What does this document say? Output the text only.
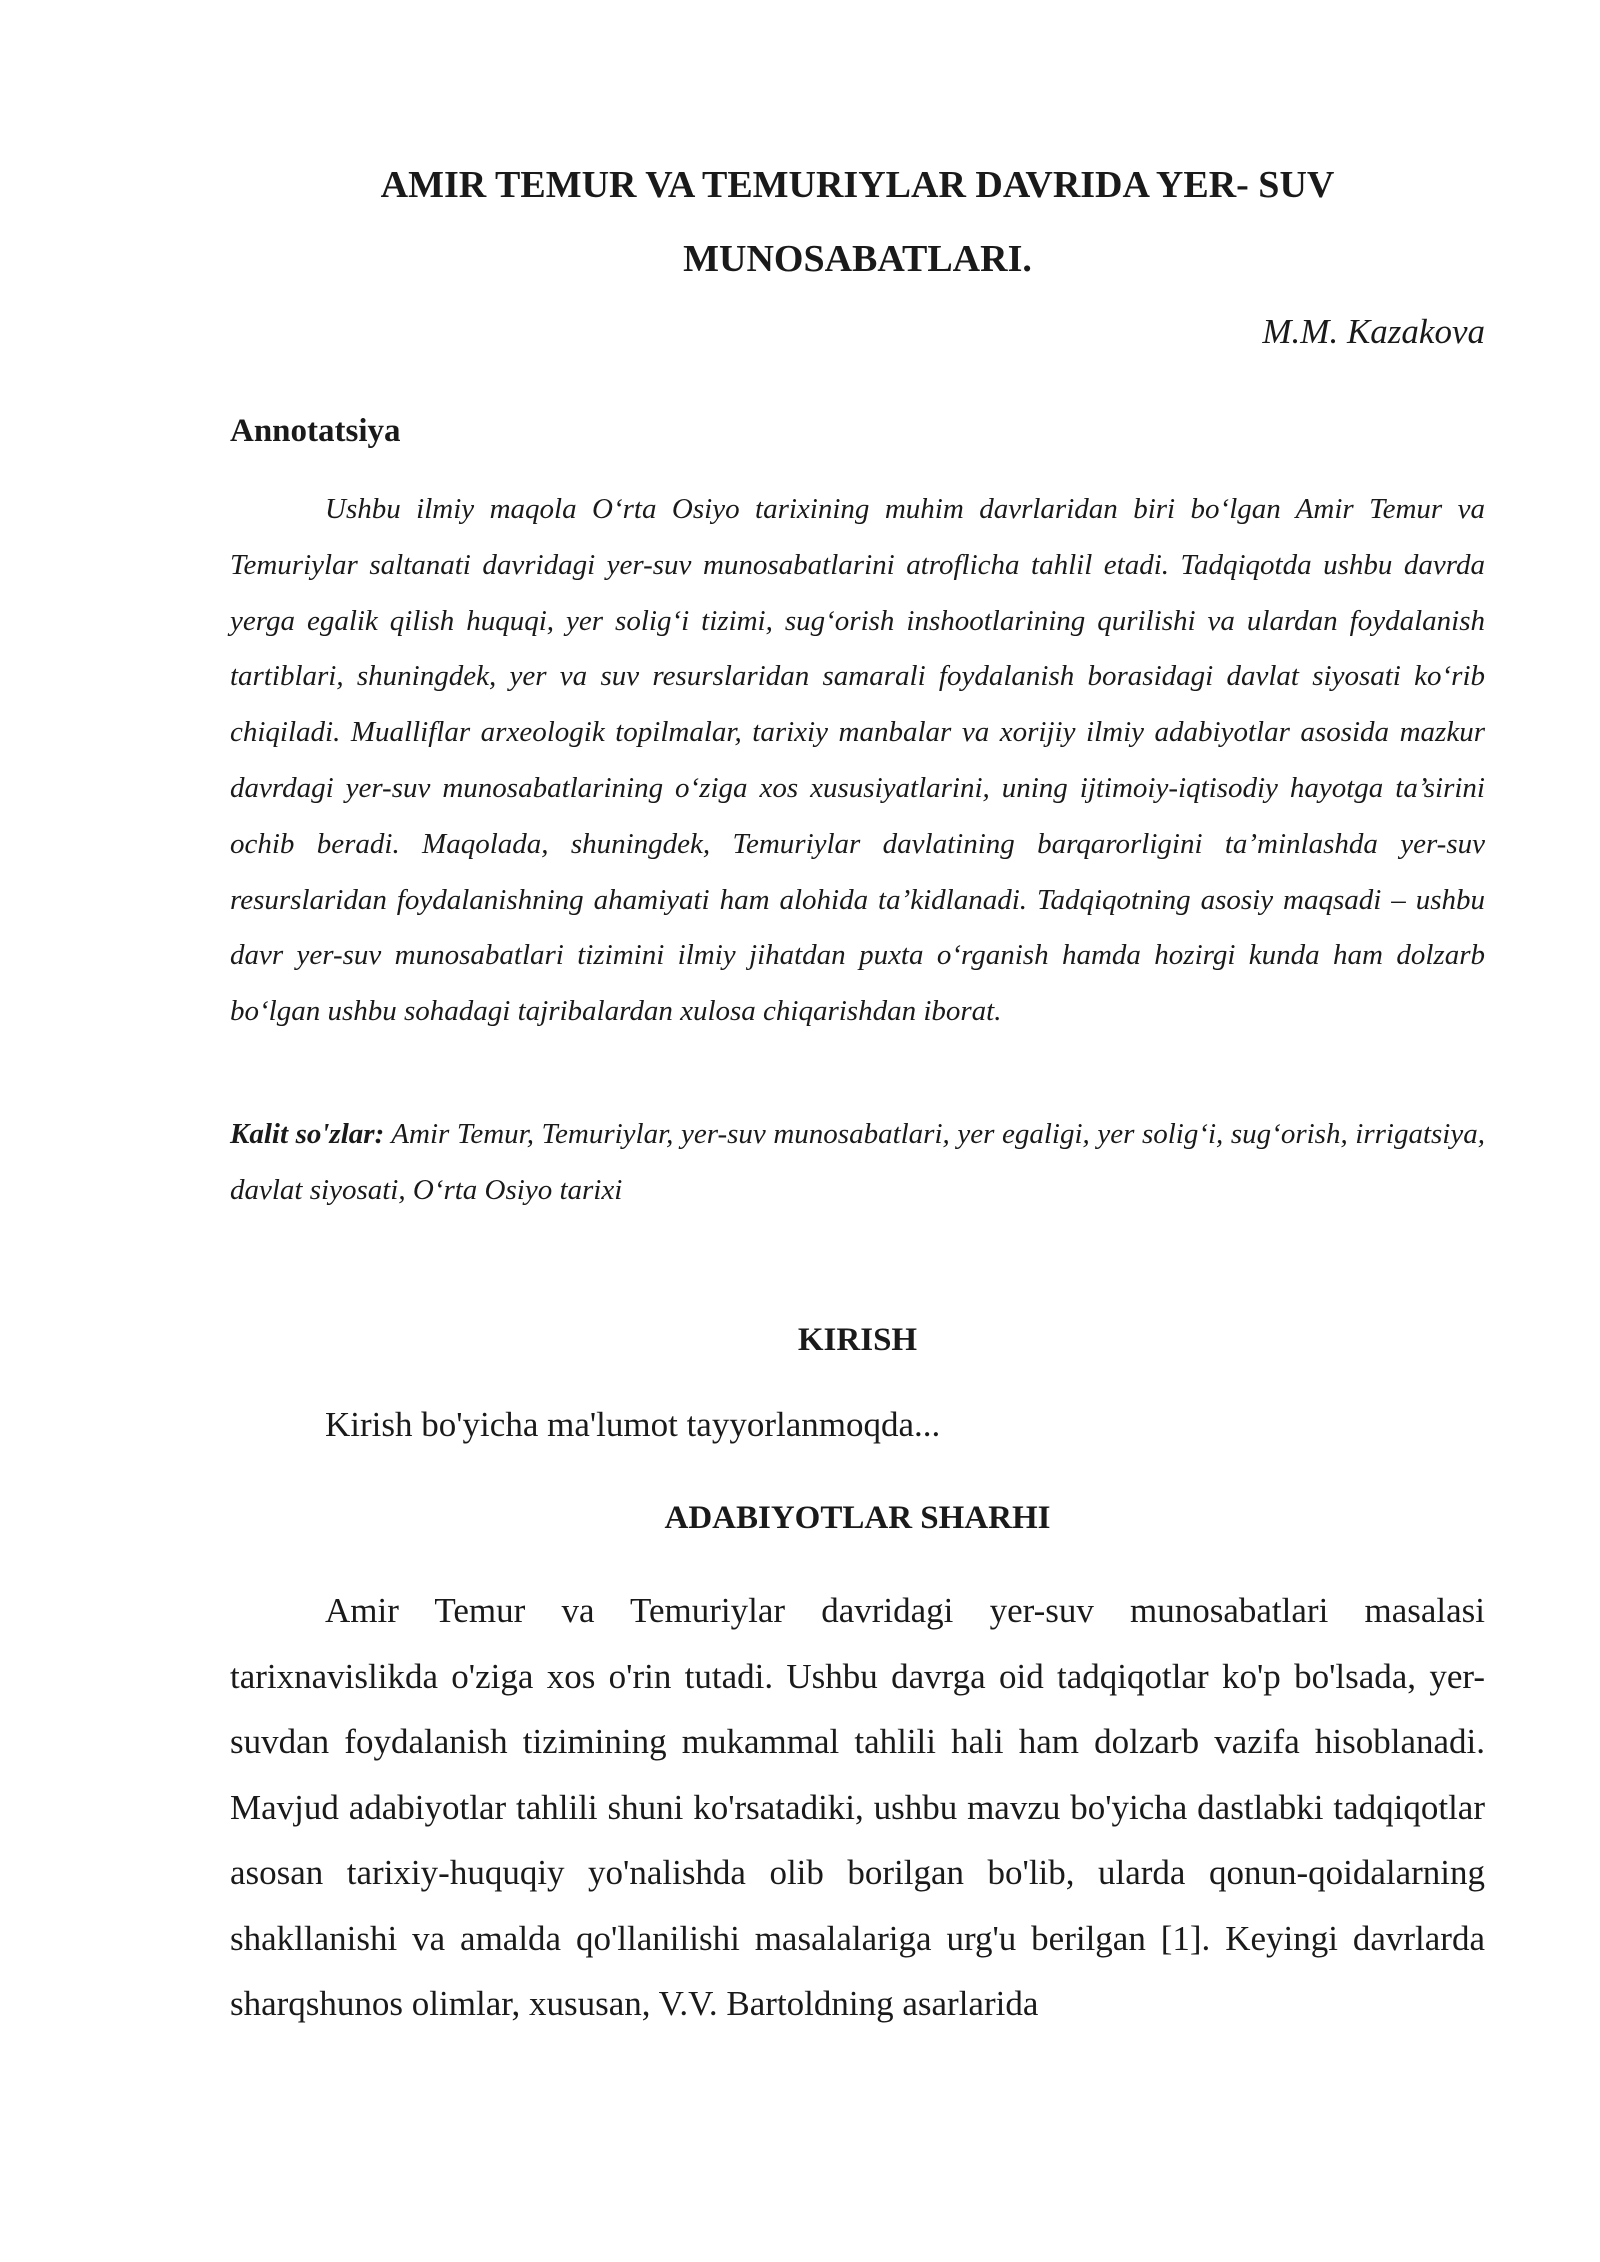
AMIR TEMUR VA TEMURIYLAR DAVRIDA YER- SUV MUNOSABATLARI.

M.M. Kazakova

Annotatsiya

Ushbu ilmiy maqola O‘rta Osiyo tarixining muhim davrlaridan biri bo‘lgan Amir Temur va Temuriylar saltanati davridagi yer-suv munosabatlarini atroflicha tahlil etadi. Tadqiqotda ushbu davrda yerga egalik qilish huquqi, yer solig‘i tizimi, sug‘orish inshootlarining qurilishi va ulardan foydalanish tartiblari, shuningdek, yer va suv resurslaridan samarali foydalanish borasidagi davlat siyosati ko‘rib chiqiladi. Mualliflar arxeologik topilmalar, tarixiy manbalar va xorijiy ilmiy adabiyotlar asosida mazkur davrdagi yer-suv munosabatlarining o‘ziga xos xususiyatlarini, uning ijtimoiy-iqtisodiy hayotga ta’sirini ochib beradi. Maqolada, shuningdek, Temuriylar davlatining barqarorligini ta’minlashda yer-suv resurslaridan foydalanishning ahamiyati ham alohida ta’kidlanadi. Tadqiqotning asosiy maqsadi – ushbu davr yer-suv munosabatlari tizimini ilmiy jihatdan puxta o‘rganish hamda hozirgi kunda ham dolzarb bo‘lgan ushbu sohadagi tajribalardan xulosa chiqarishdan iborat.

Kalit so'zlar: Amir Temur, Temuriylar, yer-suv munosabatlari, yer egaligi, yer solig‘i, sug‘orish, irrigatsiya, davlat siyosati, O‘rta Osiyo tarixi

KIRISH

Kirish bo'yicha ma'lumot tayyorlanmoqda...

ADABIYOTLAR SHARHI

Amir Temur va Temuriylar davridagi yer-suv munosabatlari masalasi tarixnavislikda o'ziga xos o'rin tutadi. Ushbu davrga oid tadqiqotlar ko'p bo'lsada, yer-suvdan foydalanish tizimining mukammal tahlili hali ham dolzarb vazifa hisoblanadi. Mavjud adabiyotlar tahlili shuni ko'rsatadiki, ushbu mavzu bo'yicha dastlabki tadqiqotlar asosan tarixiy-huquqiy yo'nalishda olib borilgan bo'lib, ularda qonun-qoidalarning shakllanishi va amalda qo'llanilishi masalalariga urg'u berilgan [1]. Keyingi davrlarda sharqshunos olimlar, xususan, V.V. Bartoldning asarlarida
